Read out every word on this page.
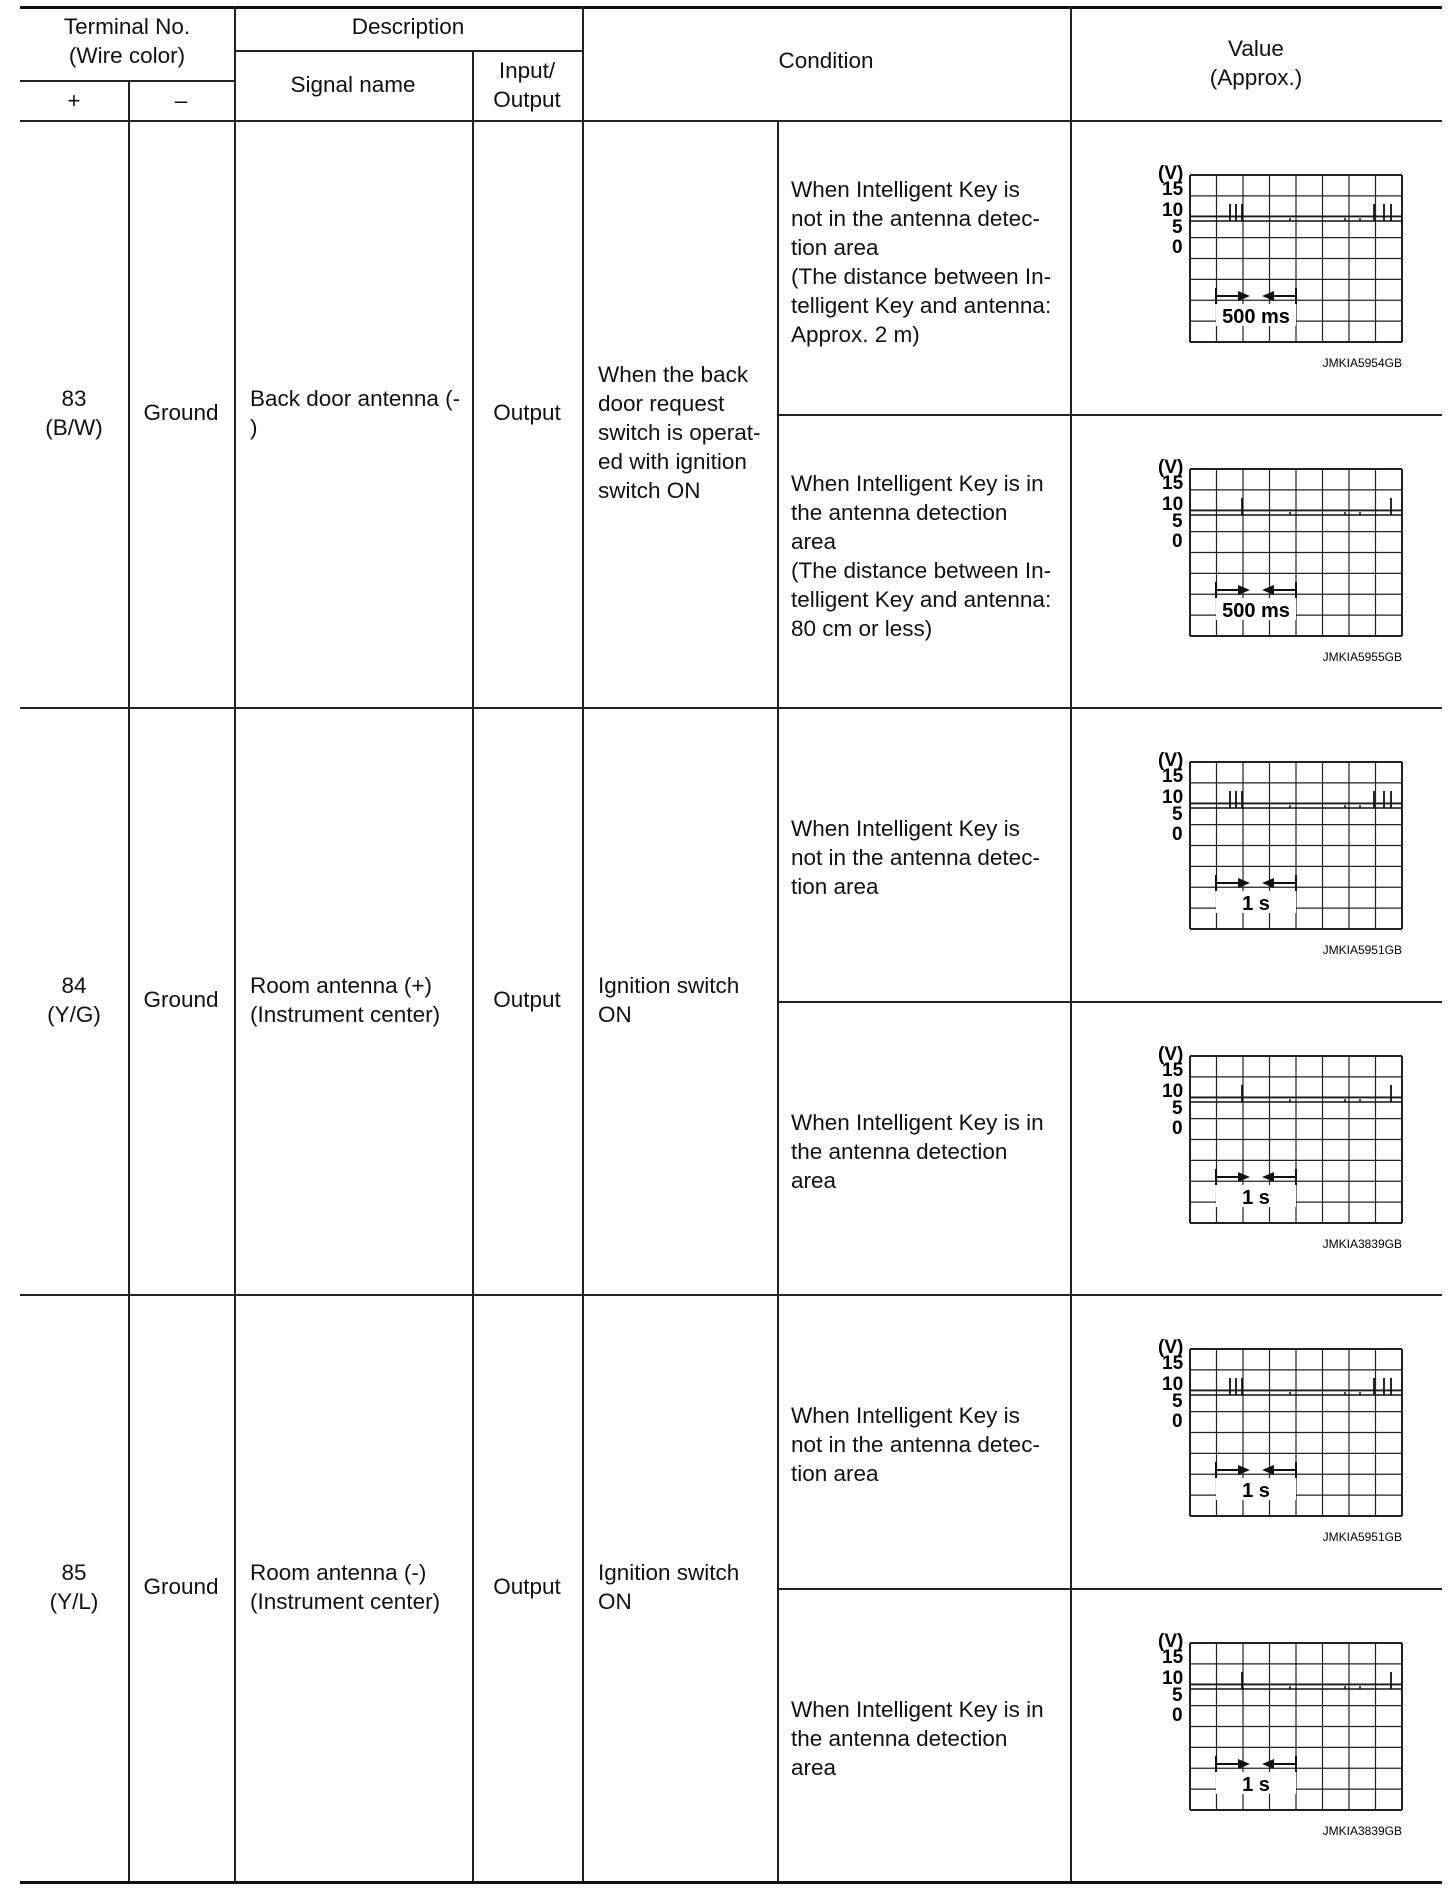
Terminal No.
(Wire color)
+	–
Description
Signal name
Input/
Output
Condition	Value
(Approx.)
83
(B/W)
Ground
Back door antenna (-
)
Output
When the back
door request
switch is operat-
ed with ignition
switch ON
When Intelligent Key is
not in the antenna detec-
tion area
(The distance between In-
telligent Key and antenna:
Approx. 2 m)
(V)
15
10
5
0
500 ms
JMKIA5954GB
When Intelligent Key is in
the antenna detection
area
(The distance between In-
telligent Key and antenna:
80 cm or less)
(V)
15
10
5
0
500 ms
JMKIA5955GB
84
(Y/G)
Ground
Room antenna (+)
(Instrument center)
Output
Ignition switch
ON
When Intelligent Key is
not in the antenna detec-
tion area
(V)
15
10
5
0
1 s
JMKIA5951GB
When Intelligent Key is in
the antenna detection
area
(V)
15
10
5
0
1 s
JMKIA3839GB
85
(Y/L)
Ground
Room antenna (-)
(Instrument center)
Output
Ignition switch
ON
When Intelligent Key is
not in the antenna detec-
tion area
(V)
15
10
5
0
1 s
JMKIA5951GB
When Intelligent Key is in
the antenna detection
area
(V)
15
10
5
0
1 s
JMKIA3839GB
